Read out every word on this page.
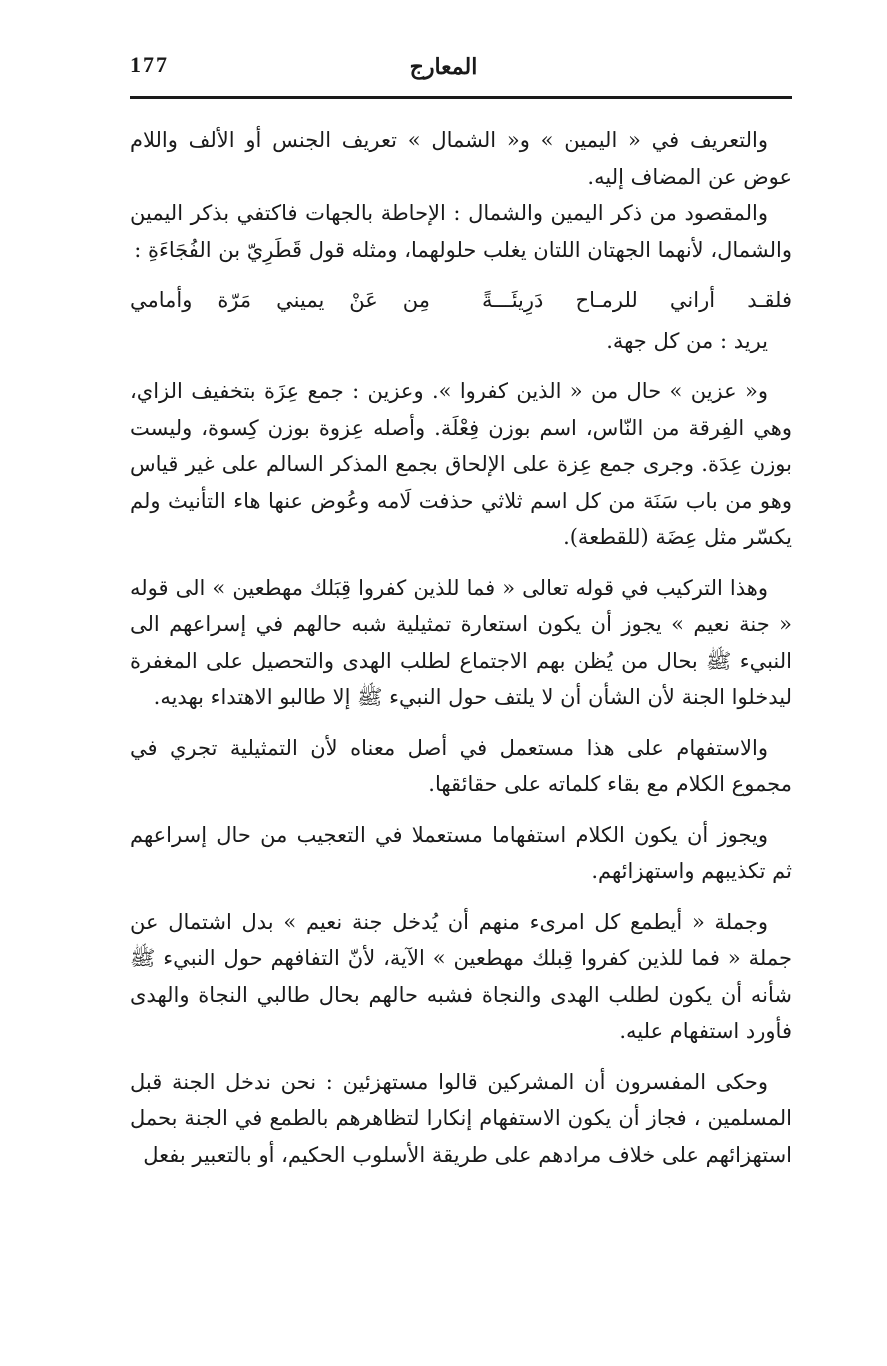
177	المعارج

والتعريف في « اليمين » و« الشمال » تعريف الجنس أو الألف واللام عوض عن المضاف إليه.

والمقصود من ذكر اليمين والشمال : الإحاطة بالجهات فاكتفي بذكر اليمين والشمال، لأنهما الجهتان اللتان يغلب حلولهما، ومثله قول قَطَرِيّ بن الفُجَاءَةِ :

فلقـد أراني للرمـاح دَرِيئَـــةً
مِن عَنْ يميني مَرّة وأمامي

يريد : من كل جهة.

و« عزين » حال من « الذين كفروا ». وعزين : جمع عِزَة بتخفيف الزاي، وهي الفِرقة من النّاس، اسم بوزن فِعْلَة. وأصله عِزوة بوزن كِسوة، وليست بوزن عِدَة. وجرى جمع عِزة على الإلحاق بجمع المذكر السالم على غير قياس وهو من باب سَنَة من كل اسم ثلاثي حذفت لَامه وعُوض عنها هاء التأنيث ولم يكسّر مثل عِضَة (للقطعة).

وهذا التركيب في قوله تعالى « فما للذين كفروا قِبَلك مهطعين » الى قوله « جنة نعيم » يجوز أن يكون استعارة تمثيلية شبه حالهم في إسراعهم الى النبيء ﷺ بحال من يُظن بهم الاجتماع لطلب الهدى والتحصيل على المغفرة ليدخلوا الجنة لأن الشأن أن لا يلتف حول النبيء ﷺ إلا طالبو الاهتداء بهديه.

والاستفهام على هذا مستعمل في أصل معناه لأن التمثيلية تجري في مجموع الكلام مع بقاء كلماته على حقائقها.

ويجوز أن يكون الكلام استفهاما مستعملا في التعجيب من حال إسراعهم ثم تكذيبهم واستهزائهم.

وجملة « أيطمع كل امرىء منهم أن يُدخل جنة نعيم » بدل اشتمال عن جملة « فما للذين كفروا قِبلك مهطعين » الآية، لأنّ التفافهم حول النبيء ﷺ شأنه أن يكون لطلب الهدى والنجاة فشبه حالهم بحال طالبي النجاة والهدى فأورد استفهام عليه.

وحكى المفسرون أن المشركين قالوا مستهزئين : نحن ندخل الجنة قبل المسلمين ، فجاز أن يكون الاستفهام إنكارا لتظاهرهم بالطمع في الجنة بحمل استهزائهم على خلاف مرادهم على طريقة الأسلوب الحكيم، أو بالتعبير بفعل
